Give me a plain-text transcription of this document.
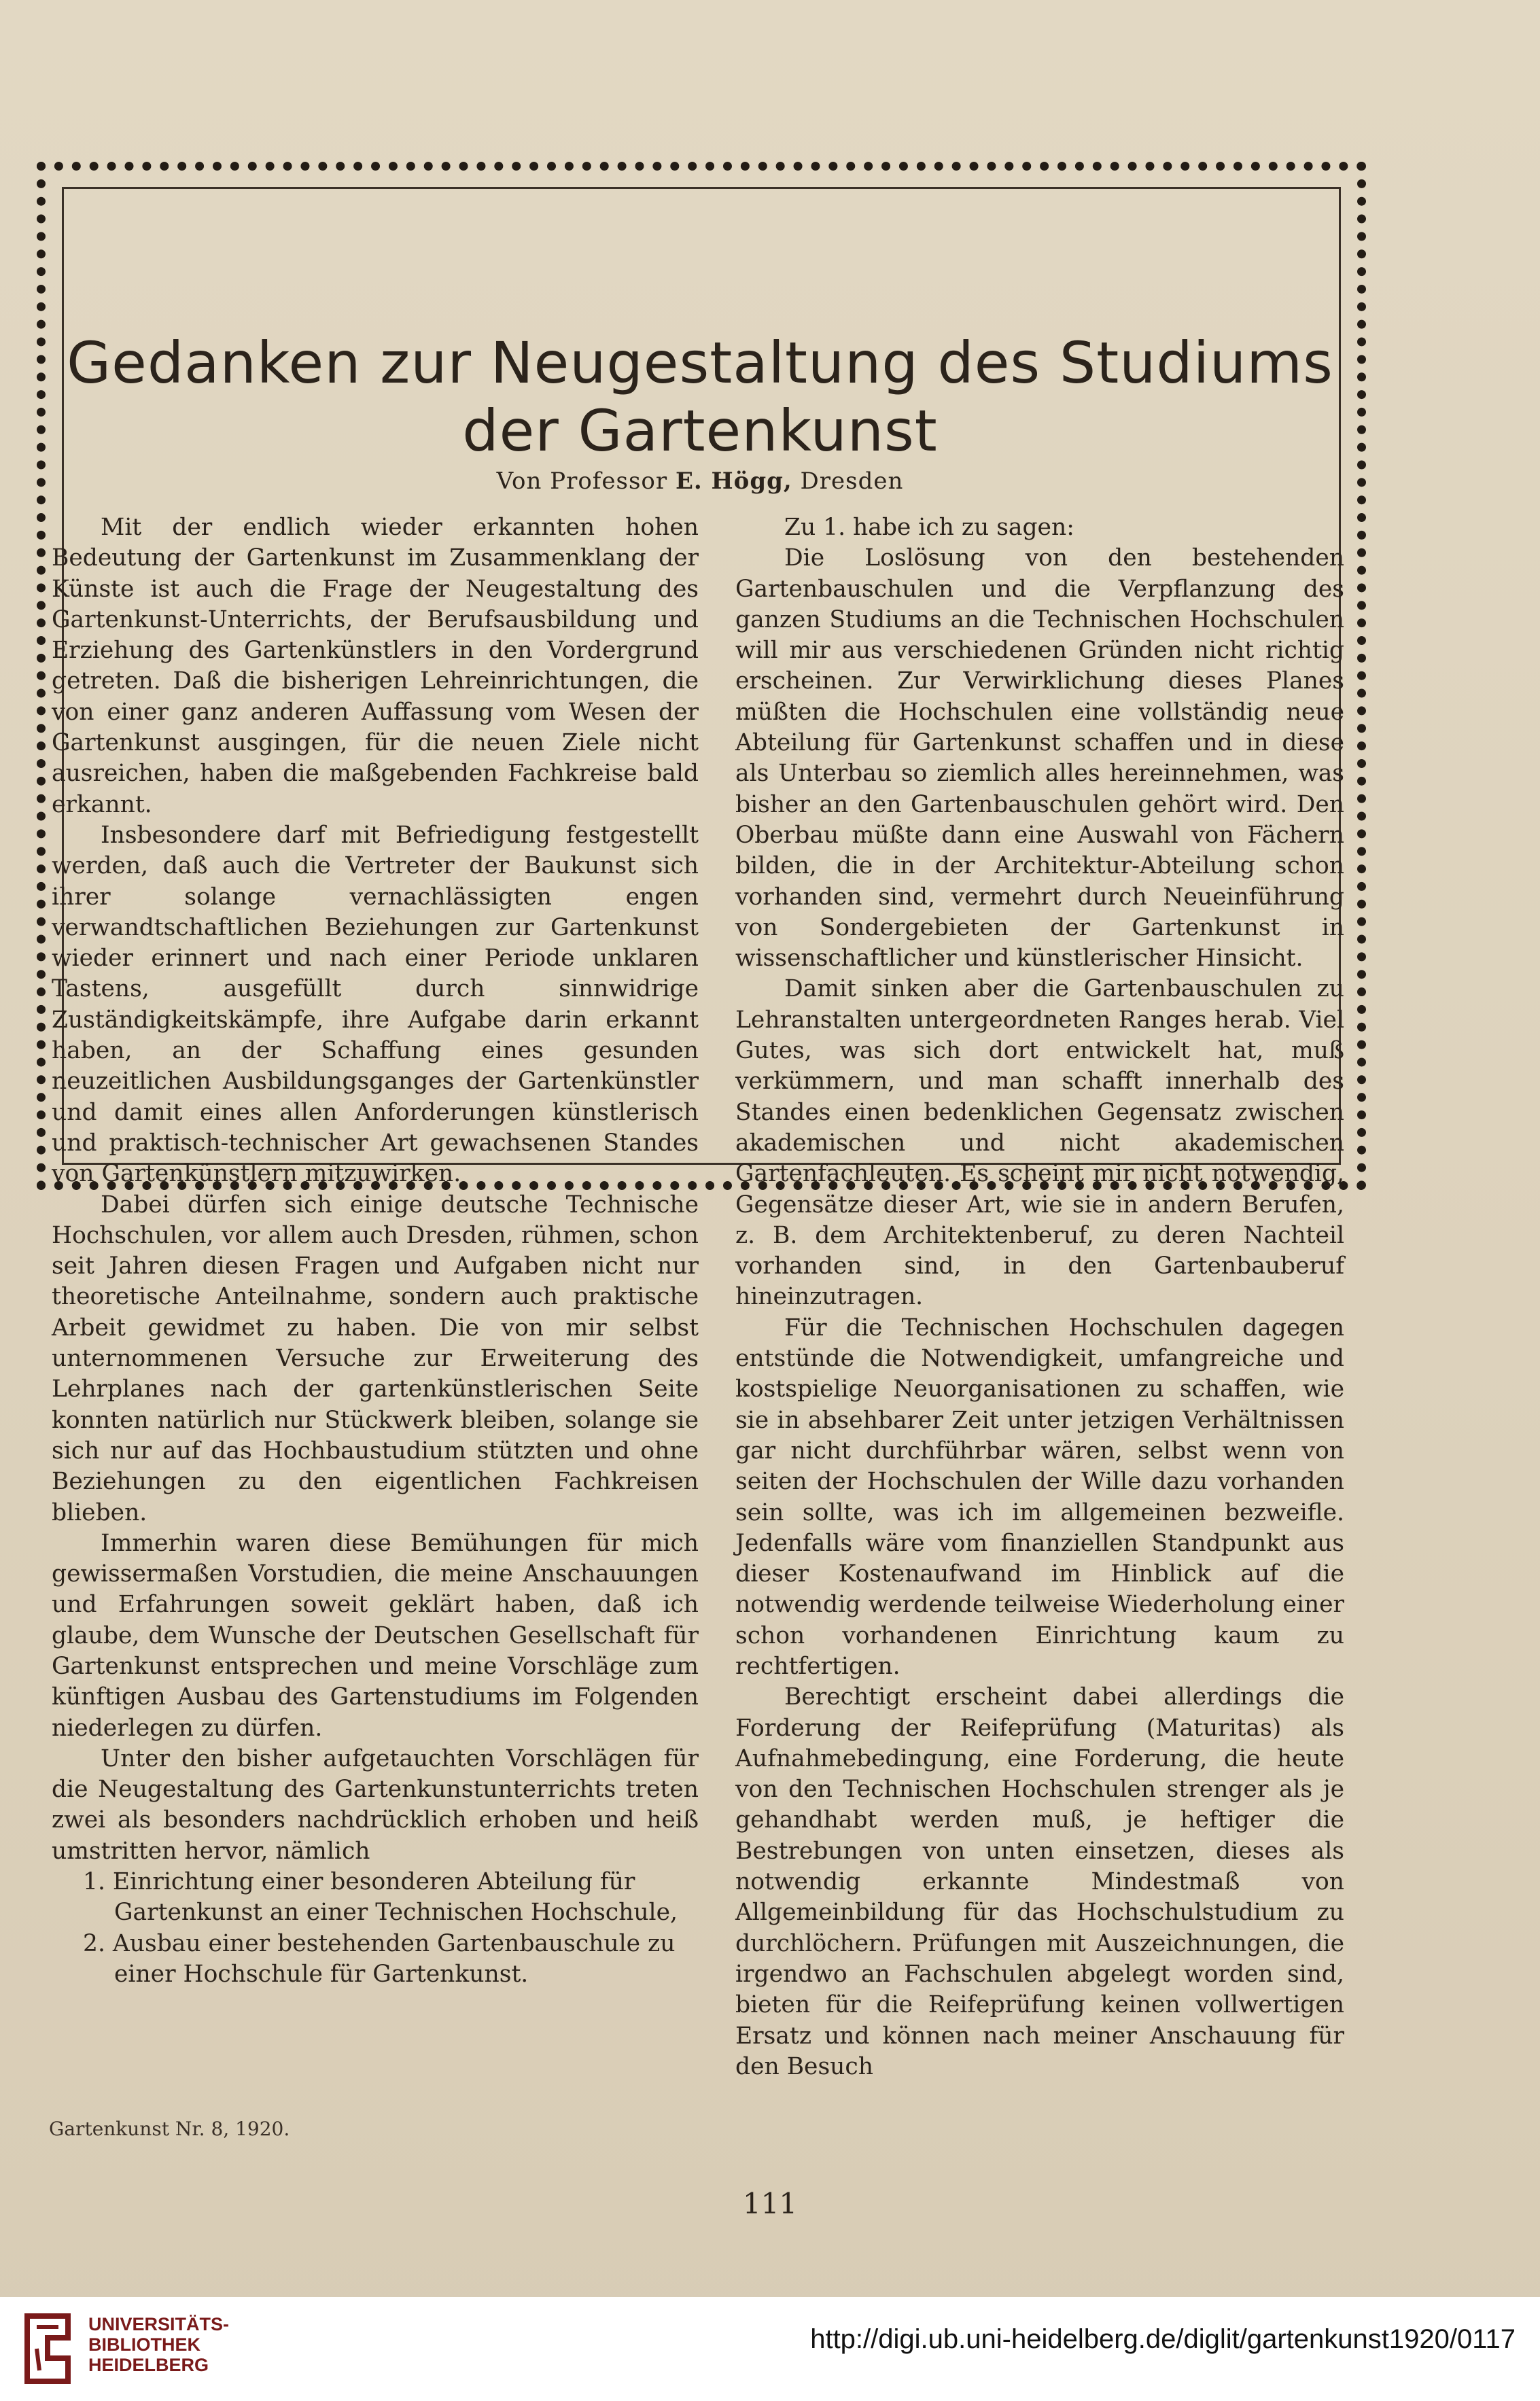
Gedanken zur Neugestaltung des Studiums
der Gartenkunst
Von Professor E. Högg, Dresden

Mit der endlich wieder erkannten hohen Bedeutung der Gartenkunst im Zusammenklang der Künste ist auch die Frage der Neugestaltung des Gartenkunst-Unterrichts, der Berufsausbildung und Erziehung des Gartenkünstlers in den Vordergrund getreten. Daß die bisherigen Lehreinrichtungen, die von einer ganz anderen Auffassung vom Wesen der Gartenkunst ausgingen, für die neuen Ziele nicht ausreichen, haben die maßgebenden Fachkreise bald erkannt.

Insbesondere darf mit Befriedigung festgestellt werden, daß auch die Vertreter der Baukunst sich ihrer solange vernachlässigten engen verwandtschaftlichen Beziehungen zur Gartenkunst wieder erinnert und nach einer Periode unklaren Tastens, ausgefüllt durch sinnwidrige Zuständigkeitskämpfe, ihre Aufgabe darin erkannt haben, an der Schaffung eines gesunden neuzeitlichen Ausbildungsganges der Gartenkünstler und damit eines allen Anforderungen künstlerisch und praktisch-technischer Art gewachsenen Standes von Gartenkünstlern mitzuwirken.

Dabei dürfen sich einige deutsche Technische Hochschulen, vor allem auch Dresden, rühmen, schon seit Jahren diesen Fragen und Aufgaben nicht nur theoretische Anteilnahme, sondern auch praktische Arbeit gewidmet zu haben. Die von mir selbst unternommenen Versuche zur Erweiterung des Lehrplanes nach der gartenkünstlerischen Seite konnten natürlich nur Stückwerk bleiben, solange sie sich nur auf das Hochbaustudium stützten und ohne Beziehungen zu den eigentlichen Fachkreisen blieben.

Immerhin waren diese Bemühungen für mich gewissermaßen Vorstudien, die meine Anschauungen und Erfahrungen soweit geklärt haben, daß ich glaube, dem Wunsche der Deutschen Gesellschaft für Gartenkunst entsprechen und meine Vorschläge zum künftigen Ausbau des Gartenstudiums im Folgenden niederlegen zu dürfen.

Unter den bisher aufgetauchten Vorschlägen für die Neugestaltung des Gartenkunstunterrichts treten zwei als besonders nachdrücklich erhoben und heiß umstritten hervor, nämlich

1. Einrichtung einer besonderen Abteilung für Gartenkunst an einer Technischen Hochschule,

2. Ausbau einer bestehenden Gartenbauschule zu einer Hochschule für Gartenkunst.

Zu 1. habe ich zu sagen:

Die Loslösung von den bestehenden Gartenbauschulen und die Verpflanzung des ganzen Studiums an die Technischen Hochschulen will mir aus verschiedenen Gründen nicht richtig erscheinen. Zur Verwirklichung dieses Planes müßten die Hochschulen eine vollständig neue Abteilung für Gartenkunst schaffen und in diese als Unterbau so ziemlich alles hereinnehmen, was bisher an den Gartenbauschulen gehört wird. Den Oberbau müßte dann eine Auswahl von Fächern bilden, die in der Architektur-Abteilung schon vorhanden sind, vermehrt durch Neueinführung von Sondergebieten der Gartenkunst in wissenschaftlicher und künstlerischer Hinsicht.

Damit sinken aber die Gartenbauschulen zu Lehranstalten untergeordneten Ranges herab. Viel Gutes, was sich dort entwickelt hat, muß verkümmern, und man schafft innerhalb des Standes einen bedenklichen Gegensatz zwischen akademischen und nicht akademischen Gartenfachleuten. Es scheint mir nicht notwendig, Gegensätze dieser Art, wie sie in andern Berufen, z. B. dem Architektenberuf, zu deren Nachteil vorhanden sind, in den Gartenbauberuf hineinzutragen.

Für die Technischen Hochschulen dagegen entstünde die Notwendigkeit, umfangreiche und kostspielige Neuorganisationen zu schaffen, wie sie in absehbarer Zeit unter jetzigen Verhältnissen gar nicht durchführbar wären, selbst wenn von seiten der Hochschulen der Wille dazu vorhanden sein sollte, was ich im allgemeinen bezweifle. Jedenfalls wäre vom finanziellen Standpunkt aus dieser Kostenaufwand im Hinblick auf die notwendig werdende teilweise Wiederholung einer schon vorhandenen Einrichtung kaum zu rechtfertigen.

Berechtigt erscheint dabei allerdings die Forderung der Reifeprüfung (Maturitas) als Aufnahmebedingung, eine Forderung, die heute von den Technischen Hochschulen strenger als je gehandhabt werden muß, je heftiger die Bestrebungen von unten einsetzen, dieses als notwendig erkannte Mindestmaß von Allgemeinbildung für das Hochschulstudium zu durchlöchern. Prüfungen mit Auszeichnungen, die irgendwo an Fachschulen abgelegt worden sind, bieten für die Reifeprüfung keinen vollwertigen Ersatz und können nach meiner Anschauung für den Besuch

Gartenkunst Nr. 8, 1920.
111
UNIVERSITÄTS-
BIBLIOTHEK
HEIDELBERG
http://digi.ub.uni-heidelberg.de/diglit/gartenkunst1920/0117
